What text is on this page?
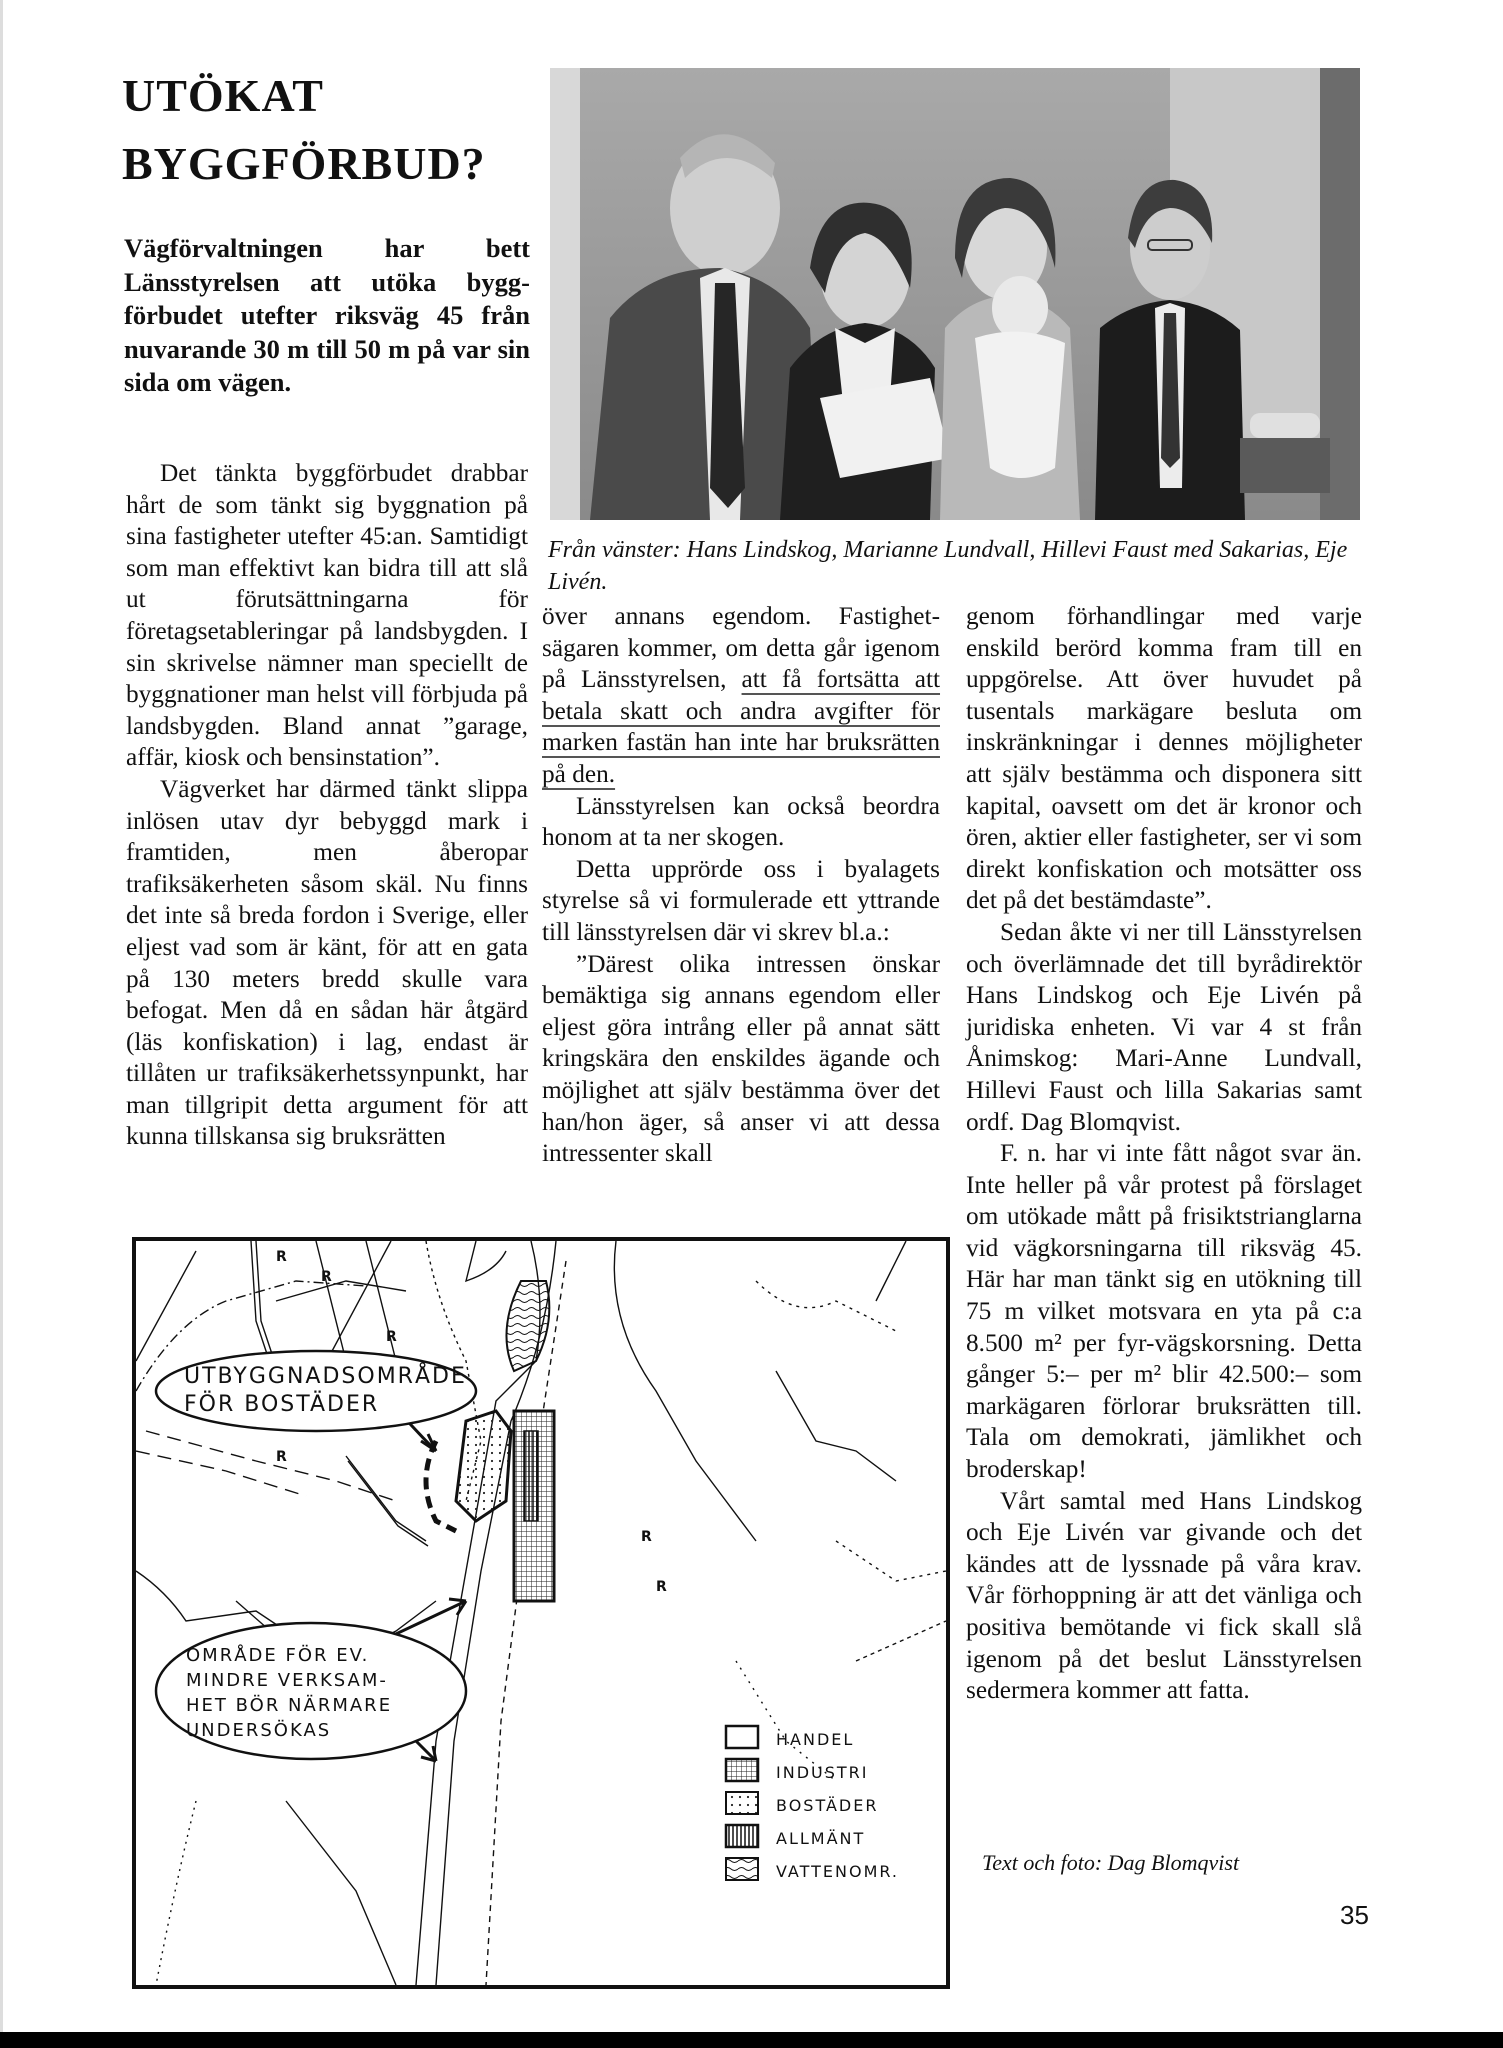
UTÖKAT
BYGGFÖRBUD?

Vägförvaltningen har bett Länsstyrelsen att utöka byggförbudet utefter riksväg 45 från nuvarande 30 m till 50 m på var sin sida om vägen.

Från vänster: Hans Lindskog, Marianne Lundvall, Hillevi Faust med Sakarias, Eje Livén.

Det tänkta byggförbudet drabbar hårt de som tänkt sig byggnation på sina fastigheter utefter 45:an. Samtidigt som man effektivt kan bidra till att slå ut förutsättningarna för företagsetableringar på landsbygden. I sin skrivelse nämner man speciellt de byggnationer man helst vill förbjuda på landsbygden. Bland annat ”garage, affär, kiosk och bensinstation”.

Vägverket har därmed tänkt slippa inlösen utav dyr bebyggd mark i framtiden, men åberopar trafiksäkerheten såsom skäl. Nu finns det inte så breda fordon i Sverige, eller eljest vad som är känt, för att en gata på 130 meters bredd skulle vara befogat. Men då en sådan här åtgärd (läs konfiskation) i lag, endast är tillåten ur trafiksäkerhetssynpunkt, har man tillgripit detta argument för att kunna tillskansa sig bruksrätten

över annans egendom. Fastighetsägaren kommer, om detta går igenom på Länsstyrelsen, att få fortsätta att betala skatt och andra avgifter för marken fastän han inte har bruksrätten på den.

Länsstyrelsen kan också beordra honom at ta ner skogen.

Detta upprörde oss i byalagets styrelse så vi formulerade ett yttrande till länsstyrelsen där vi skrev bl.a.:

”Därest olika intressen önskar bemäktiga sig annans egendom eller eljest göra intrång eller på annat sätt kringskära den enskildes ägande och möjlighet att själv bestämma över det han/hon äger, så anser vi att dessa intressenter skall

genom förhandlingar med varje enskild berörd komma fram till en uppgörelse. Att över huvudet på tusentals markägare besluta om inskränkningar i dennes möjligheter att själv bestämma och disponera sitt kapital, oavsett om det är kronor och ören, aktier eller fastigheter, ser vi som direkt konfiskation och motsätter oss det på det bestämdaste”.

Sedan åkte vi ner till Länsstyrelsen och överlämnade det till byrådirektör Hans Lindskog och Eje Livén på juridiska enheten. Vi var 4 st från Ånimskog: Mari-Anne Lundvall, Hillevi Faust och lilla Sakarias samt ordf. Dag Blomqvist.

F. n. har vi inte fått något svar än. Inte heller på vår protest på förslaget om utökade mått på frisiktstrianglarna vid vägkorsningarna till riksväg 45. Här har man tänkt sig en utökning till 75 m vilket motsvara en yta på c:a 8.500 m² per fyr-vägskorsning. Detta gånger 5:– per m² blir 42.500:– som markägaren förlorar bruksrätten till. Tala om demokrati, jämlikhet och broderskap!

Vårt samtal med Hans Lindskog och Eje Livén var givande och det kändes att de lyssnade på våra krav. Vår förhoppning är att det vänliga och positiva bemötande vi fick skall slå igenom på det beslut Länsstyrelsen sedermera kommer att fatta.

R
R
R
R
R
R
UTBYGGNADSOMRÅDE
FÖR BOSTÄDER
OMRÅDE FÖR EV.
MINDRE VERKSAM-
HET BÖR NÄRMARE
UNDERSÖKAS	HANDEL
INDUSTRI
BOSTÄDER
ALLMÄNT
VATTENOMR.	Text och foto: Dag Blomqvist

35
